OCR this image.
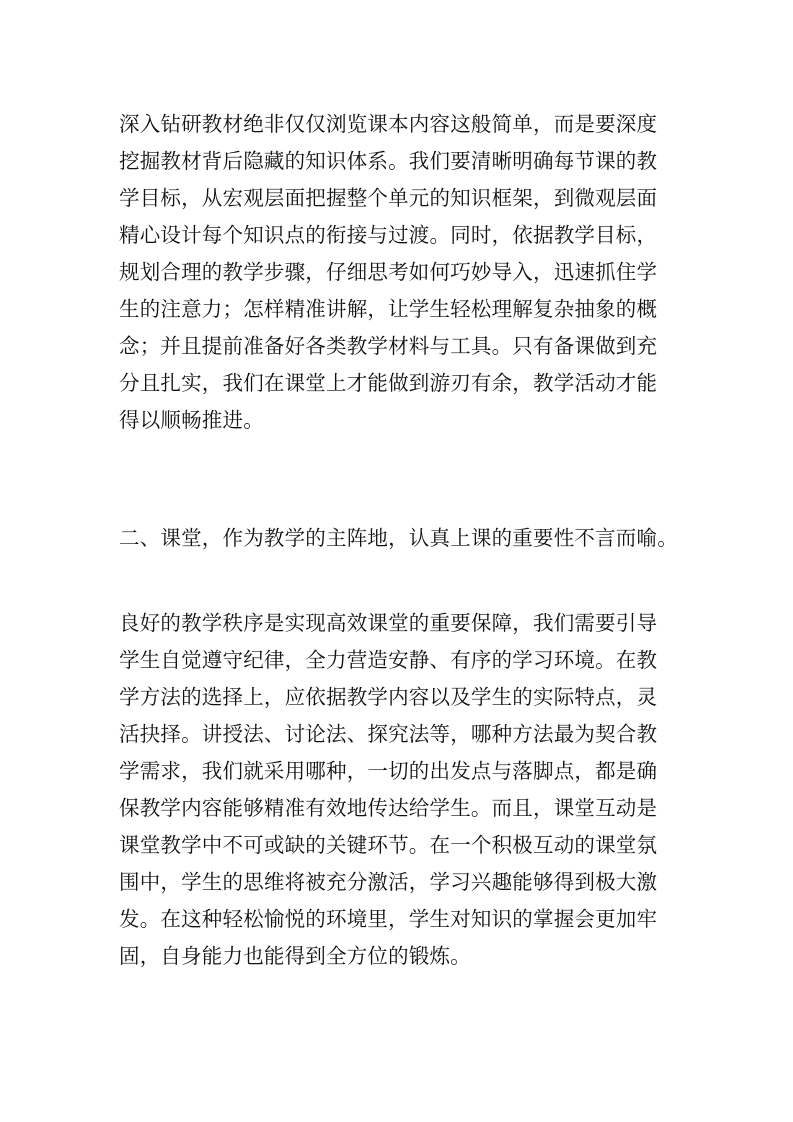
深入钻研教材绝非仅仅浏览课本内容这般简单，而是要深度
挖掘教材背后隐藏的知识体系。我们要清晰明确每节课的教
学目标，从宏观层面把握整个单元的知识框架，到微观层面
精心设计每个知识点的衔接与过渡。同时，依据教学目标，
规划合理的教学步骤，仔细思考如何巧妙导入，迅速抓住学
生的注意力；怎样精准讲解，让学生轻松理解复杂抽象的概
念；并且提前准备好各类教学材料与工具。只有备课做到充
分且扎实，我们在课堂上才能做到游刃有余，教学活动才能
得以顺畅推进。
二、课堂，作为教学的主阵地，认真上课的重要性不言而喻。
良好的教学秩序是实现高效课堂的重要保障，我们需要引导
学生自觉遵守纪律，全力营造安静、有序的学习环境。在教
学方法的选择上，应依据教学内容以及学生的实际特点，灵
活抉择。讲授法、讨论法、探究法等，哪种方法最为契合教
学需求，我们就采用哪种，一切的出发点与落脚点，都是确
保教学内容能够精准有效地传达给学生。而且，课堂互动是
课堂教学中不可或缺的关键环节。在一个积极互动的课堂氛
围中，学生的思维将被充分激活，学习兴趣能够得到极大激
发。在这种轻松愉悦的环境里，学生对知识的掌握会更加牢
固，自身能力也能得到全方位的锻炼。
